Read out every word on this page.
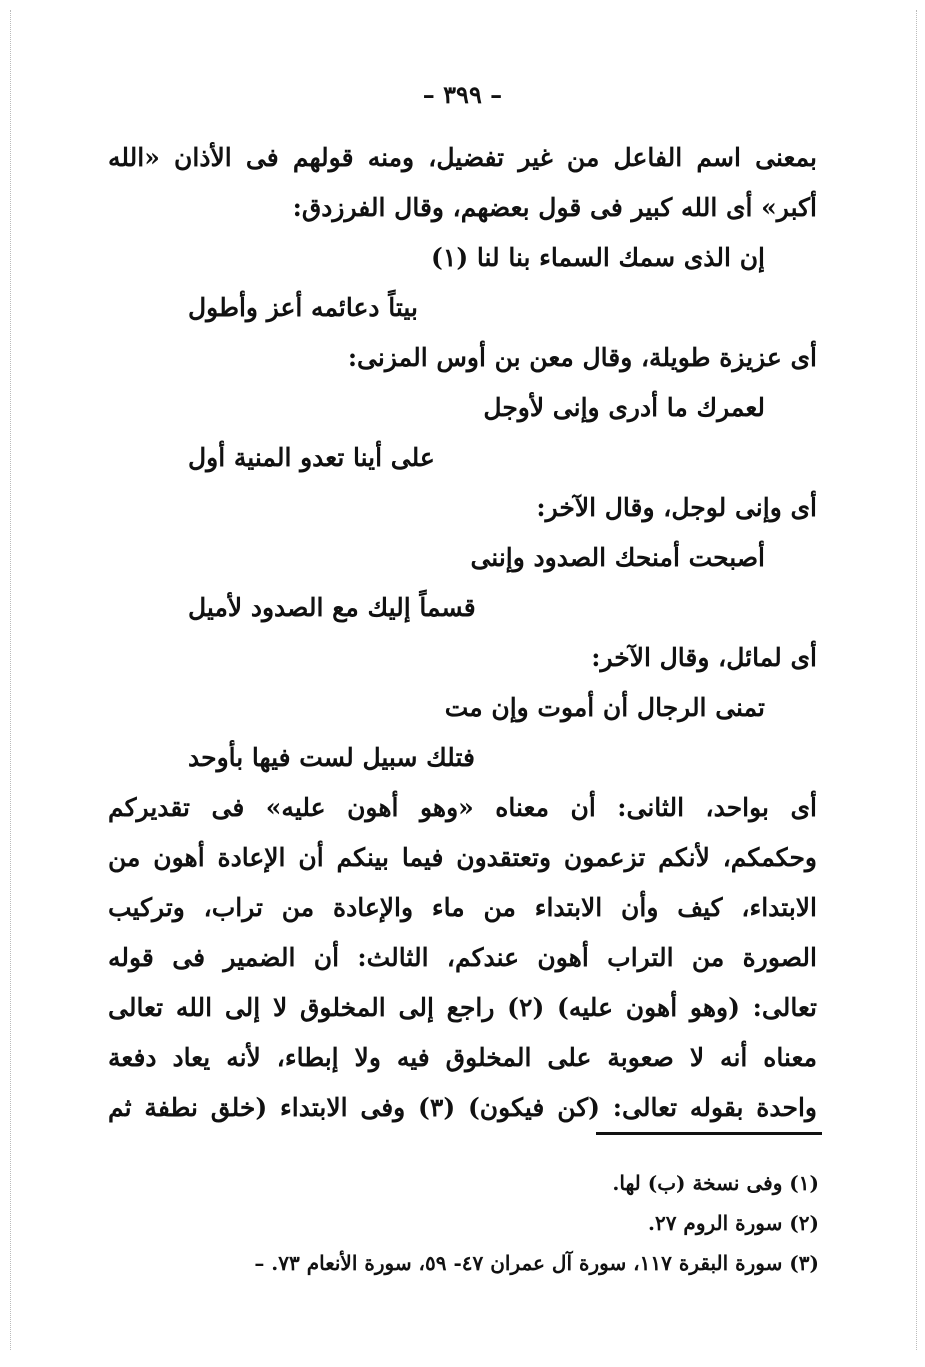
– ٣٩٩ –
بمعنى اسم الفاعل من غير تفضيل، ومنه قولهم فى الأذان «الله
أكبر» أى الله كبير فى قول بعضهم، وقال الفرزدق:
إن الذى سمك السماء بنا لنا (١)
بيتاً دعائمه أعز وأطول
أى عزيزة طويلة، وقال معن بن أوس المزنى:
لعمرك ما أدرى وإنى لأوجل
على أينا تعدو المنية أول
أى وإنى لوجل، وقال الآخر:
أصبحت أمنحك الصدود وإننى
قسماً إليك مع الصدود لأميل
أى لمائل، وقال الآخر:
تمنى الرجال أن أموت وإن مت
فتلك سبيل لست فيها بأوحد
أى بواحد، الثانى: أن معناه «وهو أهون عليه» فى تقديركم
وحكمكم، لأنكم تزعمون وتعتقدون فيما بينكم أن الإعادة أهون من
الابتداء، كيف وأن الابتداء من ماء والإعادة من تراب، وتركيب
الصورة من التراب أهون عندكم، الثالث: أن الضمير فى قوله
تعالى: (وهو أهون عليه) (٢) راجع إلى المخلوق لا إلى الله تعالى
معناه أنه لا صعوبة على المخلوق فيه ولا إبطاء، لأنه يعاد دفعة
واحدة بقوله تعالى: (كن فيكون) (٣) وفى الابتداء (خلق نطفة ثم
(١) وفى نسخة (ب) لها.
(٢) سورة الروم ٢٧.
(٣) سورة البقرة ١١٧، سورة آل عمران ٤٧- ٥٩، سورة الأنعام ٧٣. –
